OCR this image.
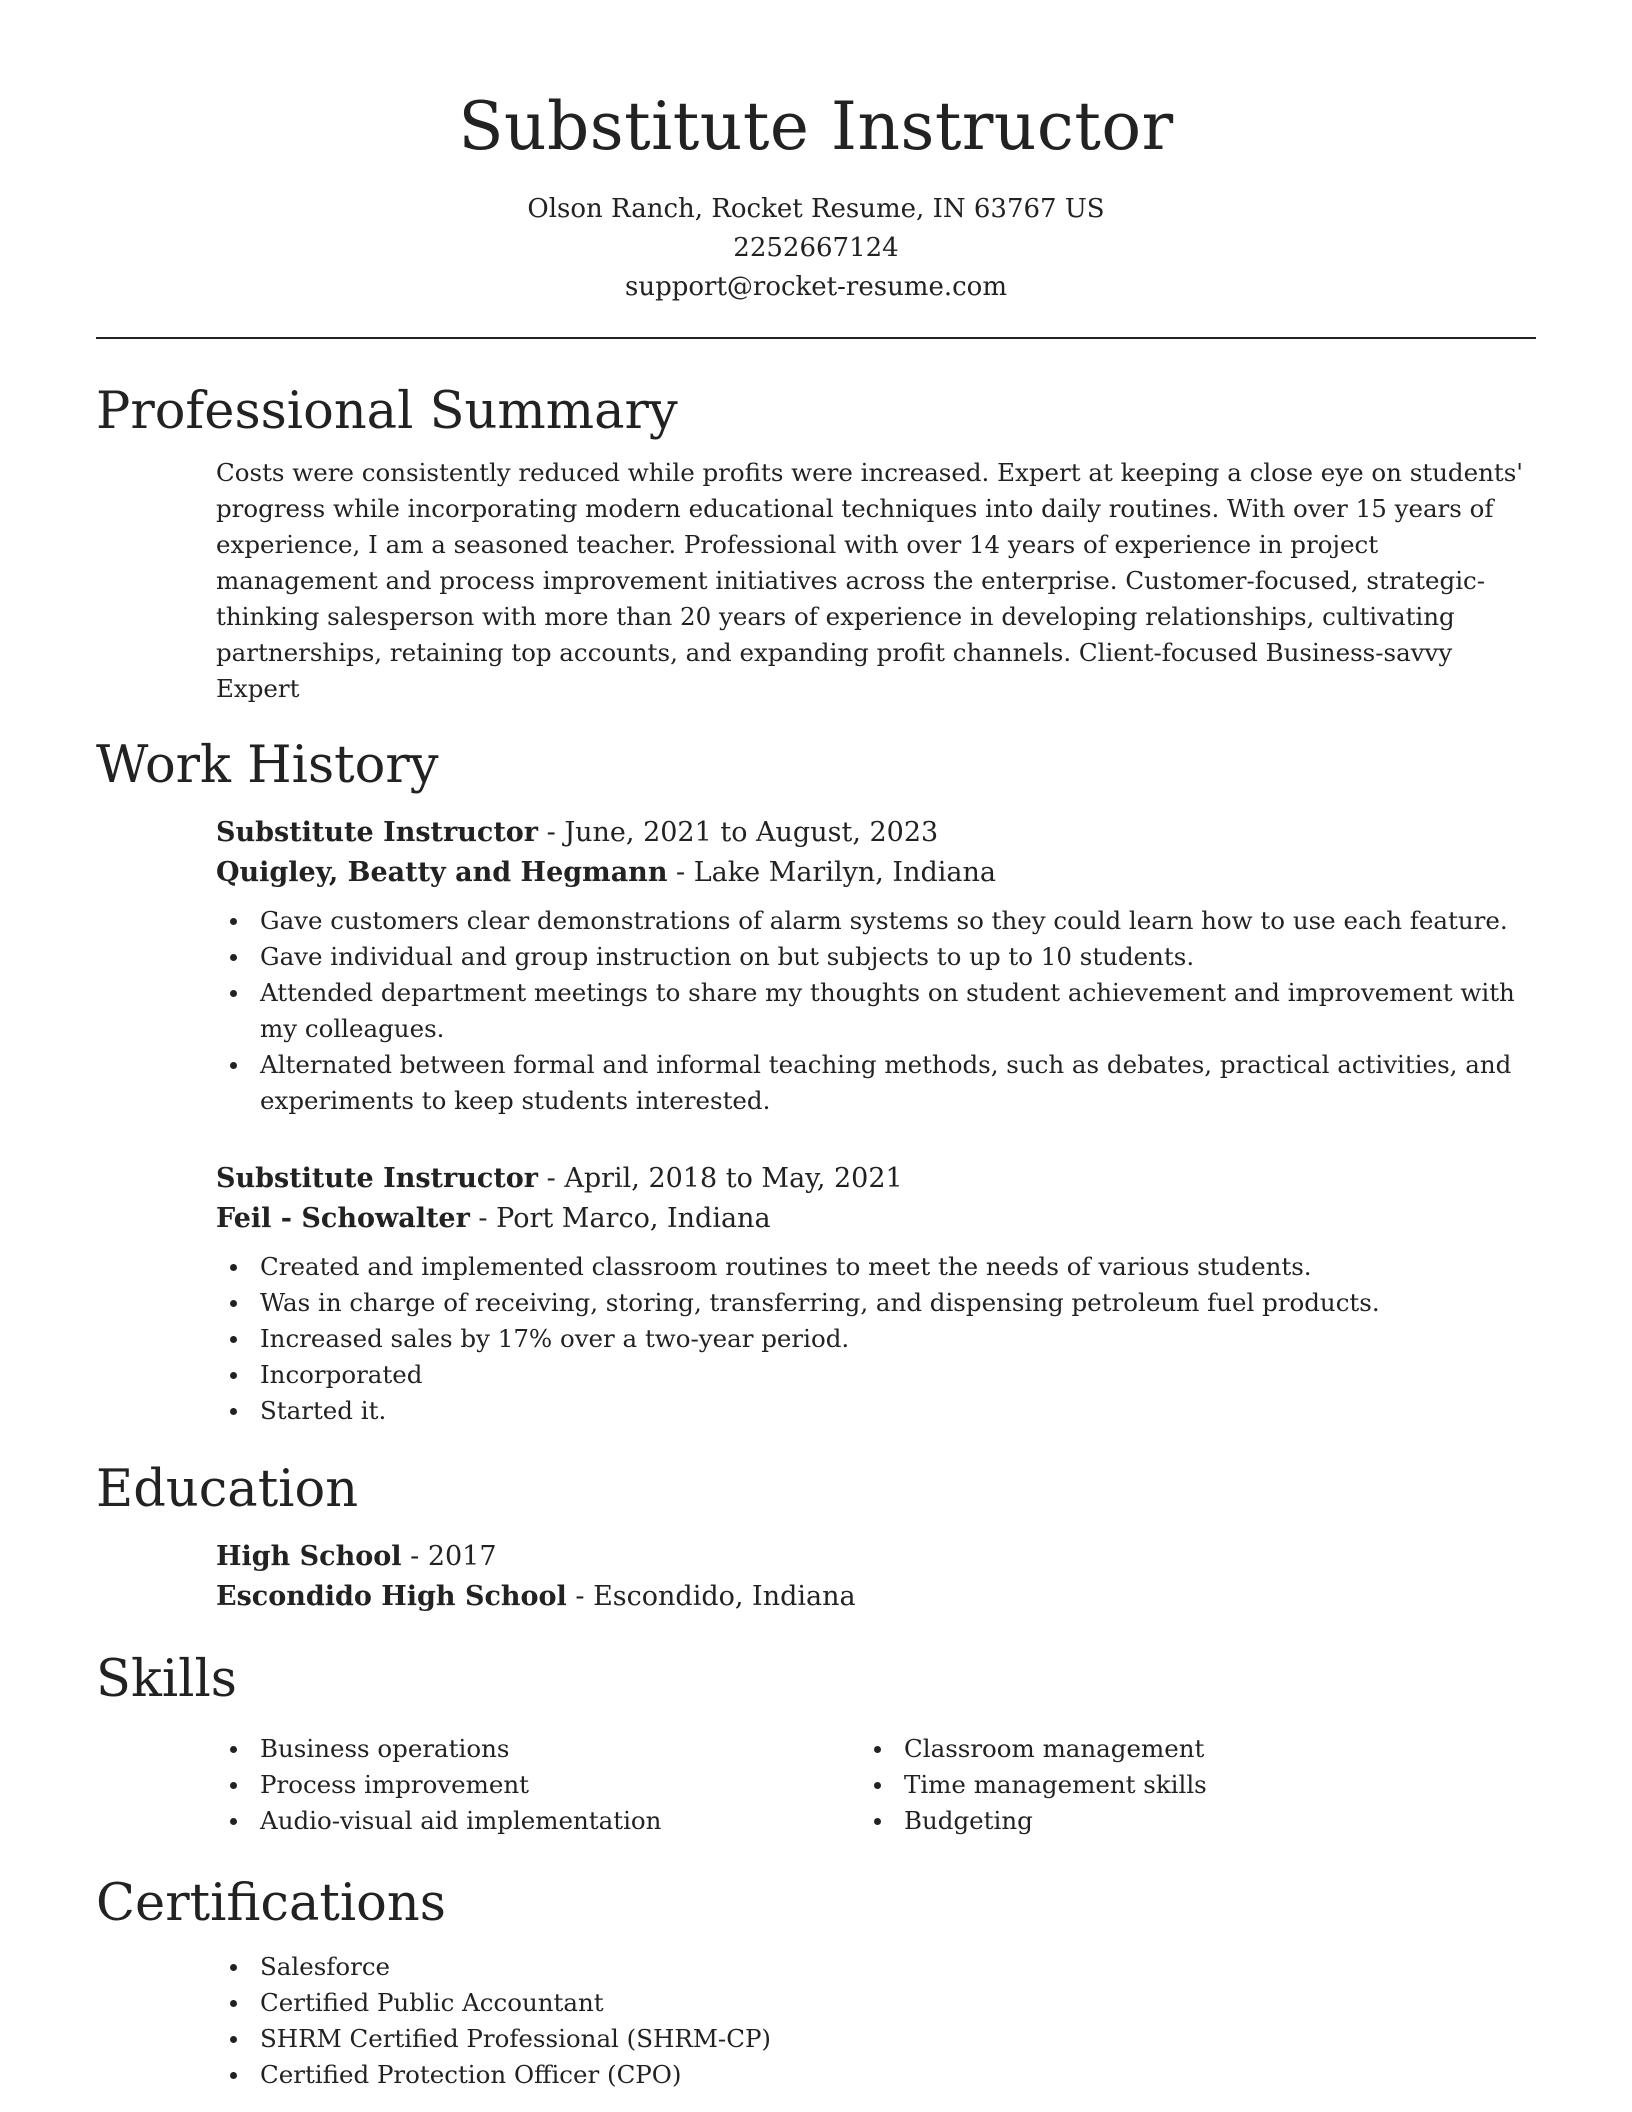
Substitute Instructor
Olson Ranch, Rocket Resume, IN 63767 US
2252667124
support@rocket-resume.com
Professional Summary
Costs were consistently reduced while profits were increased. Expert at keeping a close eye on students' progress while incorporating modern educational techniques into daily routines. With over 15 years of experience, I am a seasoned teacher. Professional with over 14 years of experience in project management and process improvement initiatives across the enterprise. Customer-focused, strategic-thinking salesperson with more than 20 years of experience in developing relationships, cultivating partnerships, retaining top accounts, and expanding profit channels. Client-focused Business-savvy Expert
Work History
Substitute Instructor - June, 2021 to August, 2023
Quigley, Beatty and Hegmann - Lake Marilyn, Indiana
Gave customers clear demonstrations of alarm systems so they could learn how to use each feature.
Gave individual and group instruction on but subjects to up to 10 students.
Attended department meetings to share my thoughts on student achievement and improvement with my colleagues.
Alternated between formal and informal teaching methods, such as debates, practical activities, and experiments to keep students interested.
Substitute Instructor - April, 2018 to May, 2021
Feil - Schowalter - Port Marco, Indiana
Created and implemented classroom routines to meet the needs of various students.
Was in charge of receiving, storing, transferring, and dispensing petroleum fuel products.
Increased sales by 17% over a two-year period.
Incorporated
Started it.
Education
High School - 2017
Escondido High School - Escondido, Indiana
Skills
Business operations
Process improvement
Audio-visual aid implementation
Classroom management
Time management skills
Budgeting
Certifications
Salesforce
Certified Public Accountant
SHRM Certified Professional (SHRM-CP)
Certified Protection Officer (CPO)
